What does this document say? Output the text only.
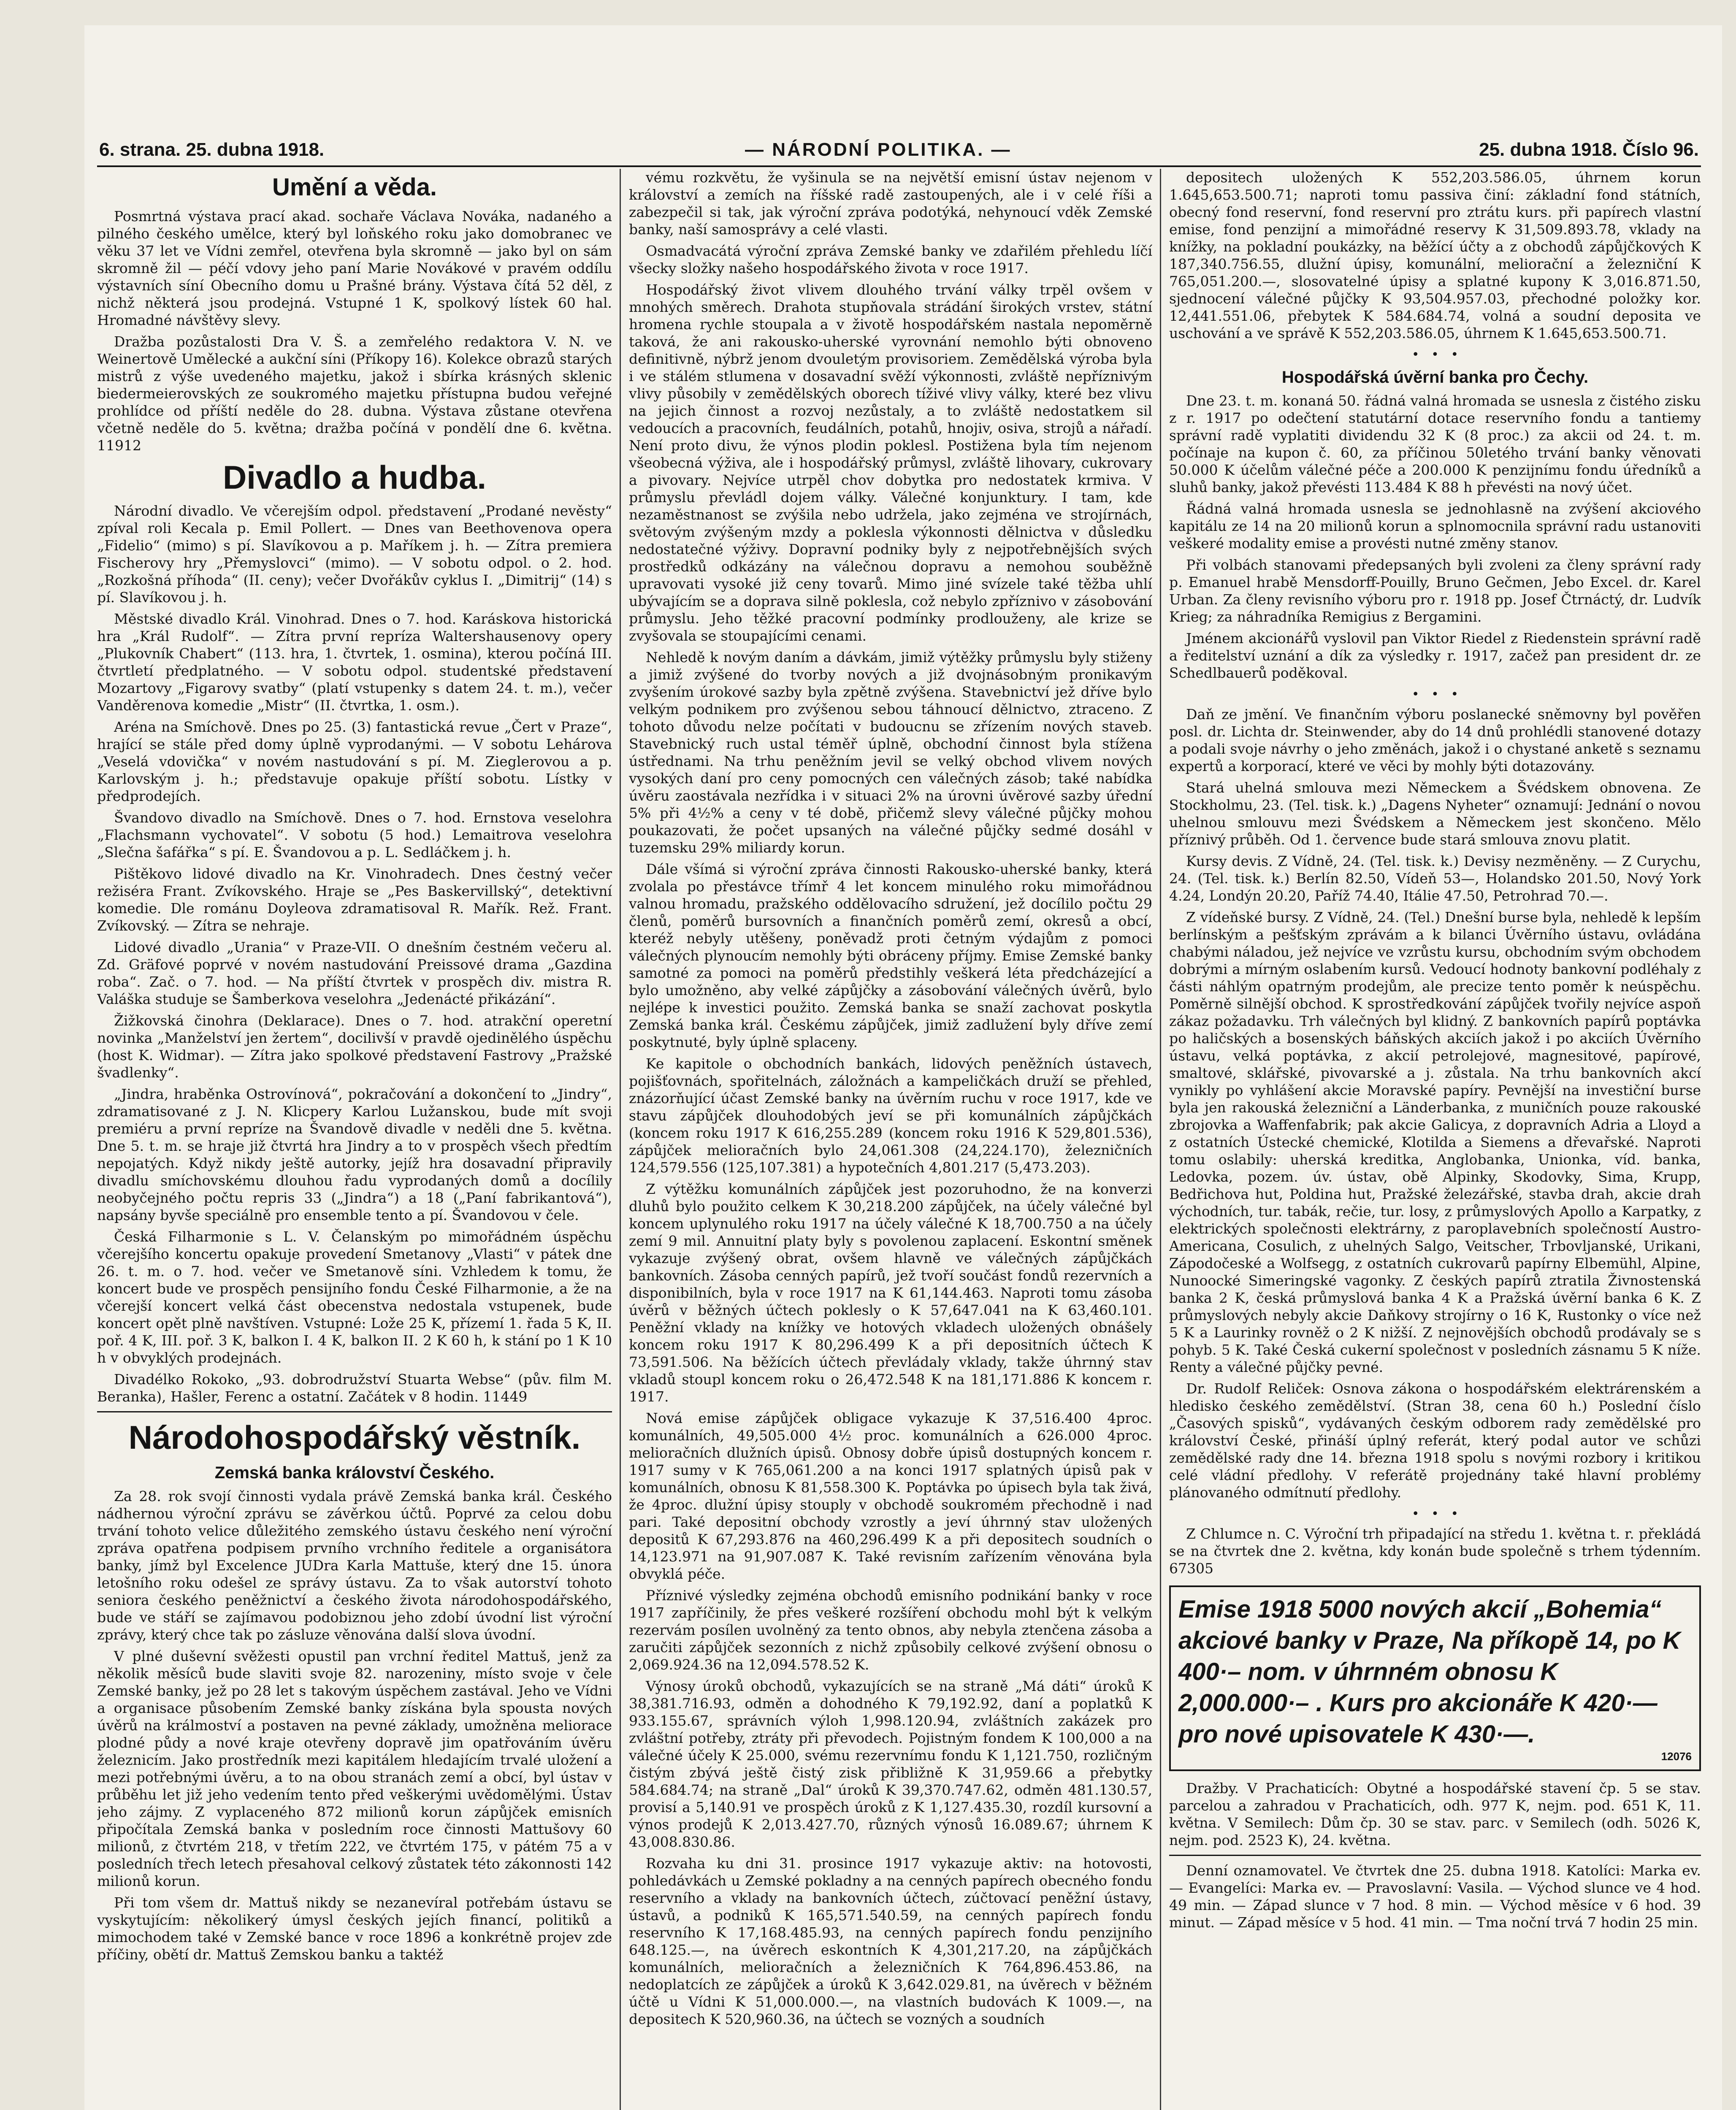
6. strana. 25. dubna 1918.	— NÁRODNÍ POLITIKA. —	25. dubna 1918. Číslo 96.
Umění a věda.

Posmrtná výstava prací akad. sochaře Václava Nováka, nadaného a pilného českého umělce, který byl loňského roku jako domobranec ve věku 37 let ve Vídni zemřel, otevřena byla skromně — jako byl on sám skromně žil — péčí vdovy jeho paní Marie Novákové v pravém oddílu výstavních síní Obecního domu u Prašné brány. Výstava čítá 52 děl, z nichž některá jsou prodejná. Vstupné 1 K, spolkový lístek 60 hal. Hromadné návštěvy slevy.

Dražba pozůstalosti Dra V. Š. a zemřelého redaktora V. N. ve Weinertově Umělecké a aukční síni (Příkopy 16). Kolekce obrazů starých mistrů z výše uvedeného majetku, jakož i sbírka krásných sklenic biedermeierovských ze soukromého majetku přístupna budou veřejné prohlídce od příští neděle do 28. dubna. Výstava zůstane otevřena včetně neděle do 5. května; dražba počíná v pondělí dne 6. května. 11912

Divadlo a hudba.

Národní divadlo. Ve včerejším odpol. představení „Prodané nevěsty“ zpíval roli Kecala p. Emil Pollert. — Dnes van Beethovenova opera „Fidelio“ (mimo) s pí. Slavíkovou a p. Maříkem j. h. — Zítra premiera Fischerovy hry „Přemyslovci“ (mimo). — V sobotu odpol. o 2. hod. „Rozkošná příhoda“ (II. ceny); večer Dvořákův cyklus I. „Dimitrij“ (14) s pí. Slavíkovou j. h.

Městské divadlo Král. Vinohrad. Dnes o 7. hod. Karáskova historická hra „Král Rudolf“. — Zítra první repríza Waltershausenovy opery „Plukovník Chabert“ (113. hra, 1. čtvrtek, 1. osmina), kterou počíná III. čtvrtletí předplatného. — V sobotu odpol. studentské představení Mozartovy „Figarovy svatby“ (platí vstupenky s datem 24. t. m.), večer Vanděrenova komedie „Mistr“ (II. čtvrtka, 1. osm.).

Aréna na Smíchově. Dnes po 25. (3) fantastická revue „Čert v Praze“, hrající se stále před domy úplně vyprodanými. — V sobotu Lehárova „Veselá vdovička“ v novém nastudování s pí. M. Zieglerovou a p. Karlovským j. h.; představuje opakuje příští sobotu. Lístky v předprodejích.

Švandovo divadlo na Smíchově. Dnes o 7. hod. Ernstova veselohra „Flachsmann vychovatel“. V sobotu (5 hod.) Lemaitrova veselohra „Slečna šafářka“ s pí. E. Švandovou a p. L. Sedláčkem j. h.

Pištěkovo lidové divadlo na Kr. Vinohradech. Dnes čestný večer režiséra Frant. Zvíkovského. Hraje se „Pes Baskervillský“, detektivní komedie. Dle románu Doyleova zdramatisoval R. Mařík. Rež. Frant. Zvíkovský. — Zítra se nehraje.

Lidové divadlo „Urania“ v Praze-VII. O dnešním čestném večeru al. Zd. Gräfové poprvé v novém nastudování Preissové drama „Gazdina roba“. Zač. o 7. hod. — Na příští čtvrtek v prospěch div. mistra R. Valáška studuje se Šamberkova veselohra „Jedenácté přikázání“.

Žižkovská činohra (Deklarace). Dnes o 7. hod. atrakční operetní novinka „Manželství jen žertem“, docilivší v pravdě ojedinělého úspěchu (host K. Widmar). — Zítra jako spolkové představení Fastrovy „Pražské švadlenky“.

„Jindra, hraběnka Ostrovínová“, pokračování a dokončení to „Jindry“, zdramatisované z J. N. Klicpery Karlou Lužanskou, bude mít svoji premiéru a první repríze na Švandově divadle v neděli dne 5. května. Dne 5. t. m. se hraje již čtvrtá hra Jindry a to v prospěch všech předtím nepojatých. Když nikdy ještě autorky, jejíž hra dosavadní připravily divadlu smíchovskému dlouhou řadu vyprodaných domů a docílily neobyčejného počtu repris 33 („Jindra“) a 18 („Paní fabrikantová“), napsány byvše speciálně pro ensemble tento a pí. Švandovou v čele.

Česká Filharmonie s L. V. Čelanským po mimořádném úspěchu včerejšího koncertu opakuje provedení Smetanovy „Vlasti“ v pátek dne 26. t. m. o 7. hod. večer ve Smetanově síni. Vzhledem k tomu, že koncert bude ve prospěch pensijního fondu České Filharmonie, a že na včerejší koncert velká část obecenstva nedostala vstupenek, bude koncert opět plně navštíven. Vstupné: Lože 25 K, přízemí 1. řada 5 K, II. poř. 4 K, III. poř. 3 K, balkon I. 4 K, balkon II. 2 K 60 h, k stání po 1 K 10 h v obvyklých prodejnách.

Divadélko Rokoko, „93. dobrodružství Stuarta Webse“ (pův. film M. Beranka), Hašler, Ferenc a ostatní. Začátek v 8 hodin. 11449

Národohospodářský věstník.
Zemská banka království Českého.

Za 28. rok svojí činnosti vydala právě Zemská banka král. Českého nádhernou výroční zprávu se závěrkou účtů. Poprvé za celou dobu trvání tohoto velice důležitého zemského ústavu českého není výroční zpráva opatřena podpisem prvního vrchního ředitele a organisátora banky, jímž byl Excelence JUDra Karla Mattuše, který dne 15. února letošního roku odešel ze správy ústavu. Za to však autorství tohoto seniora českého peněžnictví a českého života národohospodářského, bude ve stáří se zajímavou podobiznou jeho zdobí úvodní list výroční zprávy, který chce tak po zásluze věnována další slova úvodní.

V plné duševní svěžesti opustil pan vrchní ředitel Mattuš, jenž za několik měsíců bude slaviti svoje 82. narozeniny, místo svoje v čele Zemské banky, jež po 28 let s takovým úspěchem zastával. Jeho ve Vídni a organisace působením Zemské banky získána byla spousta nových úvěrů na králmoství a postaven na pevné základy, umožněna meliorace plodné půdy a nové kraje otevřeny dopravě jim opatřováním úvěru železnicím. Jako prostředník mezi kapitálem hledajícím trvalé uložení a mezi potřebnými úvěru, a to na obou stranách zemí a obcí, byl ústav v průběhu let již jeho vedením tento před veškerými uvědomělými. Ústav jeho zájmy. Z vyplaceného 872 milionů korun zápůjček emisních připočítala Zemská banka v posledním roce činnosti Mattušovy 60 milionů, z čtvrtém 218, v třetím 222, ve čtvrtém 175, v pátém 75 a v posledních třech letech přesahoval celkový zůstatek této zákonnosti 142 milionů korun.

Při tom všem dr. Mattuš nikdy se nezanevíral potřebám ústavu se vyskytujícím: několikerý úmysl českých jejích financí, politiků a mimochodem také v Zemské bance v roce 1896 a konkrétně projev zde příčiny, obětí dr. Mattuš Zemskou banku a taktéž

vému rozkvětu, že vyšinula se na největší emisní ústav nejenom v království a zemích na říšské radě zastoupených, ale i v celé říši a zabezpečil si tak, jak výroční zpráva podotýká, nehynoucí vděk Zemské banky, naší samosprávy a celé vlasti.

Osmadvacátá výroční zpráva Zemské banky ve zdařilém přehledu líčí všecky složky našeho hospodářského života v roce 1917.

Hospodářský život vlivem dlouhého trvání války trpěl ovšem v mnohých směrech. Drahota stupňovala strádání širokých vrstev, státní hromena rychle stoupala a v životě hospodářském nastala nepoměrně taková, že ani rakousko-uherské vyrovnání nemohlo býti obnoveno definitivně, nýbrž jenom dvouletým provisoriem. Zemědělská výroba byla i ve stálém stlumena v dosavadní svěží výkonnosti, zvláště nepříznivým vlivy působily v zemědělských oborech tíživé vlivy války, které bez vlivu na jejich činnost a rozvoj nezůstaly, a to zvláště nedostatkem sil vedoucích a pracovních, feudálních, potahů, hnojiv, osiva, strojů a nářadí. Není proto divu, že výnos plodin poklesl. Postižena byla tím nejenom všeobecná výživa, ale i hospodářský průmysl, zvláště lihovary, cukrovary a pivovary. Nejvíce utrpěl chov dobytka pro nedostatek krmiva. V průmyslu převládl dojem války. Válečné konjunktury. I tam, kde nezaměstnanost se zvýšila nebo udržela, jako zejména ve strojírnách, světovým zvýšeným mzdy a poklesla výkonnosti dělnictva v důsledku nedostatečné výživy. Dopravní podniky byly z nejpotřebnějších svých prostředků odkázány na válečnou dopravu a nemohou souběžně upravovati vysoké již ceny tovarů. Mimo jiné svízele také těžba uhlí ubývajícím se a doprava silně poklesla, což nebylo zpříznivo v zásobování průmyslu. Jeho těžké pracovní podmínky prodlouženy, ale krize se zvyšovala se stoupajícími cenami.

Nehledě k novým daním a dávkám, jimiž výtěžky průmyslu byly stiženy a jimiž zvýšené do tvorby nových a již dvojnásobným pronikavým zvyšením úrokové sazby byla zpětně zvýšena. Stavebnictví jež dříve bylo velkým podnikem pro zvýšenou sebou táhnoucí dělnictvo, ztraceno. Z tohoto důvodu nelze počítati v budoucnu se zřízením nových staveb. Stavebnický ruch ustal téměř úplně, obchodní činnost byla stížena ústřednami. Na trhu peněžním jevil se velký obchod vlivem nových vysokých daní pro ceny pomocných cen válečných zásob; také nabídka úvěru zaostávala nezřídka i v situaci 2% na úrovni úvěrové sazby úřední 5% při 4½% a ceny v té době, přičemž slevy válečné půjčky mohou poukazovati, že počet upsaných na válečné půjčky sedmé dosáhl v tuzemsku 29% miliardy korun.

Dále všímá si výroční zpráva činnosti Rakousko-uherské banky, která zvolala po přestávce třímř 4 let koncem minulého roku mimořádnou valnou hromadu, pražského oddělovacího sdružení, jež docílilo počtu 29 členů, poměrů bursovních a finančních poměrů zemí, okresů a obcí, kteréž nebyly utěšeny, poněvadž proti četným výdajům z pomoci válečných plynoucím nemohly býti obráceny příjmy. Emise Zemské banky samotné za pomoci na poměrů předstihly veškerá léta předcházející a bylo umožněno, aby velké zápůjčky a zásobování válečných úvěrů, bylo nejlépe k investici použito. Zemská banka se snaží zachovat poskytla Zemská banka král. Českému zápůjček, jimiž zadlužení byly dříve zemí poskytnuté, byly úplně splaceny.

Ke kapitole o obchodních bankách, lidových peněžních ústavech, pojišťovnách, spořitelnách, záložnách a kampeličkách druží se přehled, znázorňující účast Zemské banky na úvěrním ruchu v roce 1917, kde ve stavu zápůjček dlouhodobých jeví se při komunálních zápůjčkách (koncem roku 1917 K 616,255.289 (koncem roku 1916 K 529,801.536), zápůjček melioračních bylo 24,061.308 (24,224.170), železničních 124,579.556 (125,107.381) a hypotečních 4,801.217 (5,473.203).

Z výtěžku komunálních zápůjček jest pozoruhodno, že na konverzi dluhů bylo použito celkem K 30,218.200 zápůjček, na účely válečné byl koncem uplynulého roku 1917 na účely válečné K 18,700.750 a na účely zemí 9 mil. Annuitní platy byly s povolenou zaplacení. Eskontní směnek vykazuje zvýšený obrat, ovšem hlavně ve válečných zápůjčkách bankovních. Zásoba cenných papírů, jež tvoří součást fondů rezervních a disponibilních, byla v roce 1917 na K 61,144.463. Naproti tomu zásoba úvěrů v běžných účtech poklesly o K 57,647.041 na K 63,460.101. Peněžní vklady na knížky ve hotových vkladech uložených obnášely koncem roku 1917 K 80,296.499 K a při depositních účtech K 73,591.506. Na běžících účtech převládaly vklady, takže úhrnný stav vkladů stoupl koncem roku o 26,472.548 K na 181,171.886 K koncem r. 1917.

Nová emise zápůjček obligace vykazuje K 37,516.400 4proc. komunálních, 49,505.000 4½ proc. komunálních a 626.000 4proc. melioračních dlužních úpisů. Obnosy dobře úpisů dostupných koncem r. 1917 sumy v K 765,061.200 a na konci 1917 splatných úpisů pak v komunálních, obnosu K 81,558.300 K. Poptávka po úpisech byla tak živá, že 4proc. dlužní úpisy stouply v obchodě soukromém přechodně i nad pari. Také depositní obchody vzrostly a jeví úhrnný stav uložených depositů K 67,293.876 na 460,296.499 K a při depositech soudních o 14,123.971 na 91,907.087 K. Také revisním zařízením věnována byla obvyklá péče.

Příznivé výsledky zejména obchodů emisního podnikání banky v roce 1917 zapříčinily, že přes veškeré rozšíření obchodu mohl být k velkým rezervám posílen uvolněný za tento obnos, aby nebyla ztenčena zásoba a zaručiti zápůjček sezonních z nichž způsobily celkové zvýšení obnosu o 2,069.924.36 na 12,094.578.52 K.

Výnosy úroků obchodů, vykazujících se na straně „Má dáti“ úroků K 38,381.716.93, odměn a dohodného K 79,192.92, daní a poplatků K 933.155.67, správních výloh 1,998.120.94, zvláštních zakázek pro zvláštní potřeby, ztráty při převodech. Pojistným fondem K 100,000 a na válečné účely K 25.000, svému rezervnímu fondu K 1,121.750, rozličným čistým zbývá ještě čistý zisk přibližně K 31,959.66 a přebytky 584.684.74; na straně „Dal“ úroků K 39,370.747.62, odměn 481.130.57, provisí a 5,140.91 ve prospěch úroků z K 1,127.435.30, rozdíl kursovní a výnos prodejů K 2,013.427.70, různých výnosů 16.089.67; úhrnem K 43,008.830.86.

Rozvaha ku dni 31. prosince 1917 vykazuje aktiv: na hotovosti, pohledávkách u Zemské pokladny a na cenných papírech obecného fondu reservního a vklady na bankovních účtech, zúčtovací peněžní ústavy, ústavů, a podniků K 165,571.540.59, na cenných papírech fondu reservního K 17,168.485.93, na cenných papírech fondu penzijního 648.125.—, na úvěrech eskontních K 4,301,217.20, na zápůjčkách komunálních, melioračních a železničních K 764,896.453.86, na nedoplatcích ze zápůjček a úroků K 3,642.029.81, na úvěrech v běžném účtě u Vídni K 51,000.000.—, na vlastních budovách K 1009.—, na depositech K 520,960.36, na účtech se vozných a soudních

depositech uložených K 552,203.586.05, úhrnem korun 1.645,653.500.71; naproti tomu passiva činí: základní fond státních, obecný fond reservní, fond reservní pro ztrátu kurs. při papírech vlastní emise, fond penzijní a mimořádné reservy K 31,509.893.78, vklady na knížky, na pokladní poukázky, na běžící účty a z obchodů zápůjčkových K 187,340.756.55, dlužní úpisy, komunální, meliorační a železniční K 765,051.200.—, slosovatelné úpisy a splatné kupony K 3,016.871.50, sjednocení válečné půjčky K 93,504.957.03, přechodné položky kor. 12,441.551.06, přebytek K 584.684.74, volná a soudní deposita ve uschování a ve správě K 552,203.586.05, úhrnem K 1.645,653.500.71.

•   •   •
Hospodářská úvěrní banka pro Čechy.

Dne 23. t. m. konaná 50. řádná valná hromada se usnesla z čistého zisku z r. 1917 po odečtení statutární dotace reservního fondu a tantiemy správní radě vyplatiti dividendu 32 K (8 proc.) za akcii od 24. t. m. počínaje na kupon č. 60, za příčinou 50letého trvání banky věnovati 50.000 K účelům válečné péče a 200.000 K penzijnímu fondu úředníků a sluhů banky, jakož převésti 113.484 K 88 h převésti na nový účet.

Řádná valná hromada usnesla se jednohlasně na zvýšení akciového kapitálu ze 14 na 20 milionů korun a splnomocnila správní radu ustanoviti veškeré modality emise a provésti nutné změny stanov.

Při volbách stanovami předepsaných byli zvoleni za členy správní rady p. Emanuel hrabě Mensdorff-Pouilly, Bruno Gečmen, Jebo Excel. dr. Karel Urban. Za členy revisního výboru pro r. 1918 pp. Josef Čtrnáctý, dr. Ludvík Krieg; za náhradníka Remigius z Bergamini.

Jménem akcionářů vyslovil pan Viktor Riedel z Riedenstein správní radě a ředitelství uznání a dík za výsledky r. 1917, začež pan president dr. ze Schedlbauerů poděkoval.

•   •   •

Daň ze jmění. Ve finančním výboru poslanecké sněmovny byl pověřen posl. dr. Lichta dr. Steinwender, aby do 14 dnů prohlédli stanovené dotazy a podali svoje návrhy o jeho změnách, jakož i o chystané anketě s seznamu expertů a korporací, které ve věci by mohly býti dotazovány.

Stará uhelná smlouva mezi Německem a Švédskem obnovena. Ze Stockholmu, 23. (Tel. tisk. k.) „Dagens Nyheter“ oznamují: Jednání o novou uhelnou smlouvu mezi Švédskem a Německem jest skončeno. Mělo příznivý průběh. Od 1. července bude stará smlouva znovu platit.

Kursy devis. Z Vídně, 24. (Tel. tisk. k.) Devisy nezměněny. — Z Curychu, 24. (Tel. tisk. k.) Berlín 82.50, Vídeň 53—, Holandsko 201.50, Nový York 4.24, Londýn 20.20, Paříž 74.40, Itálie 47.50, Petrohrad 70.—.

Z vídeňské bursy. Z Vídně, 24. (Tel.) Dnešní burse byla, nehledě k lepším berlínským a pešťským zprávám a k bilanci Úvěrního ústavu, ovládána chabými náladou, jež nejvíce ve vzrůstu kursu, obchodním svým obchodem dobrými a mírným oslabením kursů. Vedoucí hodnoty bankovní podléhaly z části náhlým opatrným prodejům, ale precize tento poměr k neúspěchu. Poměrně silnější obchod. K sprostředkování zápůjček tvořily nejvíce aspoň zákaz požadavku. Trh válečných byl klidný. Z bankovních papírů poptávka po haličských a bosenských báňských akciích jakož i po akciích Úvěrního ústavu, velká poptávka, z akcií petrolejové, magnesitové, papírové, smaltové, sklářské, pivovarské a j. zůstala. Na trhu bankovních akcí vynikly po vyhlášení akcie Moravské papíry. Pevnější na investiční burse byla jen rakouská železniční a Länderbanka, z muničních pouze rakouské zbrojovka a Waffenfabrik; pak akcie Galicya, z dopravních Adria a Lloyd a z ostatních Ústecké chemické, Klotilda a Siemens a dřevařské. Naproti tomu oslabily: uherská kreditka, Anglobanka, Unionka, víd. banka, Ledovka, pozem. úv. ústav, obě Alpinky, Skodovky, Sima, Krupp, Bedřichova hut, Poldina hut, Pražské železářské, stavba drah, akcie drah východních, tur. tabák, rečie, tur. losy, z průmyslových Apollo a Karpatky, z elektrických společnosti elektrárny, z paroplavebních společností Austro-Americana, Cosulich, z uhelných Salgo, Veitscher, Trbovljanské, Urikani, Zápodočeské a Wolfsegg, z ostatních cukrovarů papírny Elbemühl, Alpine, Nunoocké Simeringské vagonky. Z českých papírů ztratila Živnostenská banka 2 K, česká průmyslová banka 4 K a Pražská úvěrní banka 6 K. Z průmyslových nebyly akcie Daňkovy strojírny o 16 K, Rustonky o více než 5 K a Laurinky rovněž o 2 K nižší. Z nejnovějších obchodů prodávaly se s pohyb. 5 K. Také Česká cukerní společnost v posledních zásnamu 5 K níže. Renty a válečné půjčky pevné.

Dr. Rudolf Reliček: Osnova zákona o hospodářském elektrárenském a hledisko českého zemědělství. (Stran 38, cena 60 h.) Poslední číslo „Časových spisků“, vydávaných českým odborem rady zemědělské pro království České, přináší úplný referát, který podal autor ve schůzi zemědělské rady dne 14. března 1918 spolu s novými rozbory i kritikou celé vládní předlohy. V referátě projednány také hlavní problémy plánovaného odmítnutí předlohy.

•   •   •

Z Chlumce n. C. Výroční trh připadající na středu 1. května t. r. překládá se na čtvrtek dne 2. května, kdy konán bude společně s trhem týdenním. 67305

Emise 1918 5000 nových akcií „Bohemia“ akciové banky v Praze, Na příkopě 14, po K 400·– nom. v úhrnném obnosu K 2,000.000·– . Kurs pro akcionáře K 420·— pro nové upisovatele K 430·—.
12076

Dražby. V Prachaticích: Obytné a hospodářské stavení čp. 5 se stav. parcelou a zahradou v Prachaticích, odh. 977 K, nejm. pod. 651 K, 11. května. V Semilech: Dům čp. 30 se stav. parc. v Semilech (odh. 5026 K, nejm. pod. 2523 K), 24. května.

Denní oznamovatel. Ve čtvrtek dne 25. dubna 1918. Katolíci: Marka ev. — Evangelíci: Marka ev. — Pravoslavní: Vasila. — Východ slunce ve 4 hod. 49 min. — Západ slunce v 7 hod. 8 min. — Východ měsíce v 6 hod. 39 minut. — Západ měsíce v 5 hod. 41 min. — Tma noční trvá 7 hodin 25 min.
